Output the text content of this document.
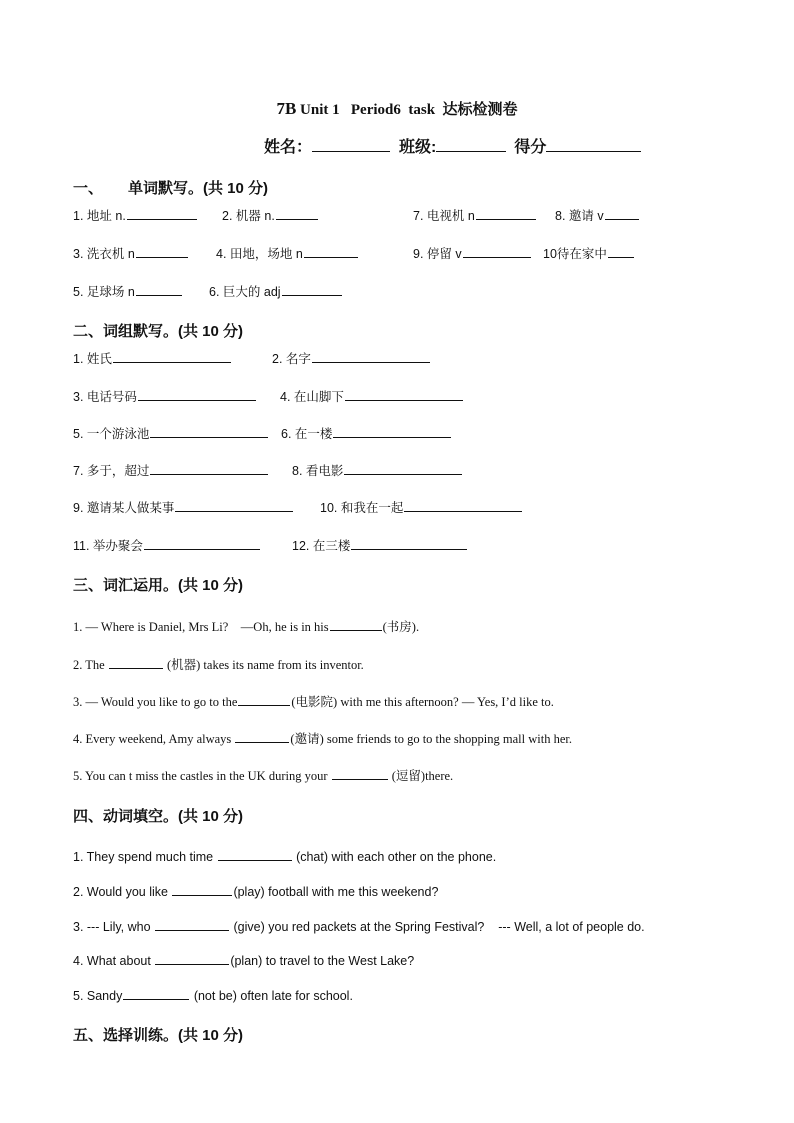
7B Unit 1   Period6  task  达标检测卷
姓名：	班级:	得分
一、      单词默写。(共 10 分)
1. 地址 n.	2. 机器 n.	7. 电视机 n	8. 邀请 v
3. 洗衣机 n	4. 田地，场地 n	9. 停留 v	10待在家中
5. 足球场 n	6. 巨大的 adj
二、词组默写。(共 10 分)
1. 姓氏	2. 名字
3. 电话号码	4. 在山脚下
5. 一个游泳池	6. 在一楼
7. 多于，超过	8. 看电影
9. 邀请某人做某事	10. 和我在一起
11. 举办聚会	12. 在三楼
三、词汇运用。(共 10 分)
1. — Where is Daniel, Mrs Li?    —Oh, he is in his	(书房).
2. The	(机器) takes its name from its inventor.
3. — Would you like to go to the	(电影院) with me this afternoon? — Yes, I’d like to.
4. Every weekend, Amy always	(邀请) some friends to go to the shopping mall with her.
5. You can t miss the castles in the UK during your	(逗留)there.
四、动词填空。(共 10 分)
1. They spend much time	(chat) with each other on the phone.
2. Would you like	(play) football with me this weekend?
3. --- Lily, who	(give) you red packets at the Spring Festival?    --- Well, a lot of people do.
4. What about	(plan) to travel to the West Lake?
5. Sandy	(not be) often late for school.
五、选择训练。(共 10 分)
